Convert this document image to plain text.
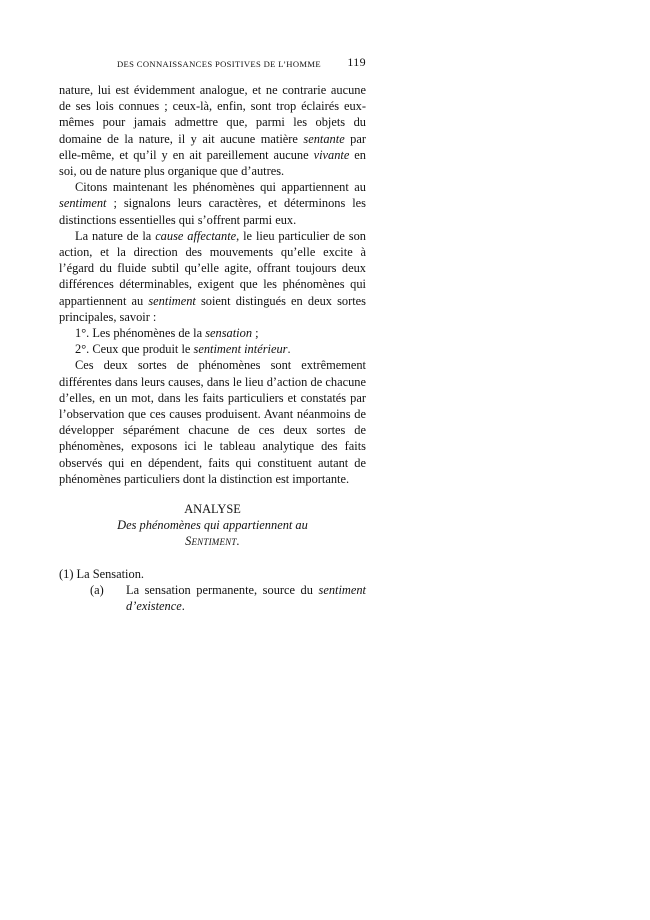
DES CONNAISSANCES POSITIVES DE L’HOMME 119

nature, lui est évidemment analogue, et ne contrarie aucune de ses lois connues ; ceux-là, enfin, sont trop éclairés eux-mêmes pour jamais admettre que, parmi les objets du domaine de la nature, il y ait aucune matière sentante par elle-même, et qu’il y en ait pareillement aucune vivante en soi, ou de nature plus organique que d’autres.

Citons maintenant les phénomènes qui appartiennent au sentiment ; signalons leurs caractères, et déterminons les distinctions essentielles qui s’offrent parmi eux.

La nature de la cause affectante, le lieu particulier de son action, et la direction des mouvements qu’elle excite à l’égard du fluide subtil qu’elle agite, offrant toujours deux différences déterminables, exigent que les phénomènes qui appartiennent au sentiment soient distingués en deux sortes principales, savoir :

1°. Les phénomènes de la sensation ;

2°. Ceux que produit le sentiment intérieur.

Ces deux sortes de phénomènes sont extrêmement différentes dans leurs causes, dans le lieu d’action de chacune d’elles, en un mot, dans les faits particuliers et constatés par l’observation que ces causes produisent. Avant néanmoins de développer séparément chacune de ces deux sortes de phénomènes, exposons ici le tableau analytique des faits observés qui en dépendent, faits qui constituent autant de phénomènes particuliers dont la distinction est importante.

ANALYSE
Des phénomènes qui appartiennent au
Sentiment.
(1) La Sensation.
(a) La sensation permanente, source du sentiment d’existence.
